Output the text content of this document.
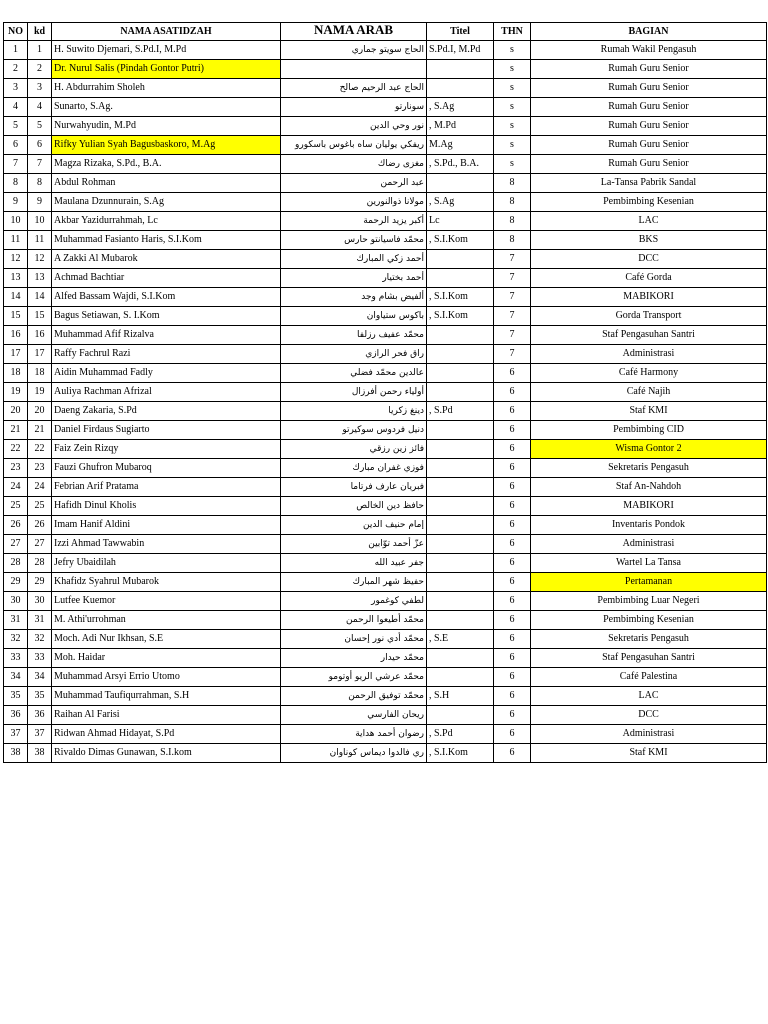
NO	kd	NAMA ASATIDZAH	NAMA ARAB	Titel	THN	BAGIAN
1	1	H. Suwito Djemari, S.Pd.I, M.Pd	الحاج سويتو جماري	S.Pd.I, M.Pd	s	Rumah Wakil Pengasuh
2	2	Dr. Nurul Salis (Pindah Gontor Putri)			s	Rumah Guru Senior
3	3	H. Abdurrahim Sholeh	الحاج عبد الرحيم صالح		s	Rumah Guru Senior
4	4	Sunarto, S.Ag.	سونارتو	, S.Ag	s	Rumah Guru Senior
5	5	Nurwahyudin, M.Pd	نور وحي الدين	, M.Pd	s	Rumah Guru Senior
6	6	Rifky Yulian Syah Bagusbaskoro, M.Ag	ريفكي يوليان ساه باغوس باسكورو	M.Ag	s	Rumah Guru Senior
7	7	Magza Rizaka, S.Pd., B.A.	مغزى رضاك	, S.Pd., B.A.	s	Rumah Guru Senior
8	8	Abdul Rohman	عبد الرحمن		8	La-Tansa Pabrik Sandal
9	9	Maulana Dzunnurain, S.Ag	مولانا ذوالنورين	, S.Ag	8	Pembimbing Kesenian
10	10	Akbar Yazidurrahmah, Lc	أكبر يزيد الرحمة	Lc	8	LAC
11	11	Muhammad Fasianto Haris, S.I.Kom	محمّد فاسيانتو حارس	, S.I.Kom	8	BKS
12	12	A Zakki Al Mubarok	أحمد زكي المبارك		7	DCC
13	13	Achmad Bachtiar	أحمد بختيار		7	Café Gorda
14	14	Alfed Bassam Wajdi, S.I.Kom	ألفيض بشام وجد	, S.I.Kom	7	MABIKORI
15	15	Bagus Setiawan, S. I.Kom	باكوس ستياوان	, S.I.Kom	7	Gorda Transport
16	16	Muhammad Afif Rizalva	محمّد عفيف رزلفا		7	Staf Pengasuhan Santri
17	17	Raffy Fachrul Razi	راق فحر الرازي		7	Administrasi
18	18	Aidin Muhammad Fadly	عالدين محمّد فضلي		6	Café Harmony
19	19	Auliya Rachman Afrizal	أولياء رحمن أفرزال		6	Café Najih
20	20	Daeng Zakaria, S.Pd	دينغ زكريا	, S.Pd	6	Staf KMI
21	21	Daniel Firdaus Sugiarto	دنيل فردوس سوكيرتو		6	Pembimbing CID
22	22	Faiz Zein Rizqy	فائز زين رزقي		6	Wisma Gontor 2
23	23	Fauzi Ghufron Mubaroq	فوزي غفران مبارك		6	Sekretaris Pengasuh
24	24	Febrian Arif Pratama	فبريان عارف فرتاما		6	Staf An-Nahdoh
25	25	Hafidh Dinul Kholis	حافظ دين الخالص		6	MABIKORI
26	26	Imam Hanif Aldini	إمام حنيف الدين		6	Inventaris Pondok
27	27	Izzi Ahmad Tawwabin	عزّ أحمد توّابين		6	Administrasi
28	28	Jefry Ubaidilah	جفر عبيد الله		6	Wartel La Tansa
29	29	Khafidz Syahrul Mubarok	حفيظ شهر المبارك		6	Pertamanan
30	30	Lutfee Kuemor	لطفي كوغمور		6	Pembimbing Luar Negeri
31	31	M. Athi'urrohman	محمّد أطيعوا الرحمن		6	Pembimbing Kesenian
32	32	Moch. Adi Nur Ikhsan, S.E	محمّد أدي نور إحسان	, S.E	6	Sekretaris Pengasuh
33	33	Moh. Haidar	محمّد حيدار		6	Staf Pengasuhan Santri
34	34	Muhammad Arsyi Errio Utomo	محمّد عرشي الريو أوتومو		6	Café Palestina
35	35	Muhammad Taufiqurrahman, S.H	محمّد توفيق الرحمن	, S.H	6	LAC
36	36	Raihan Al Farisi	ريحان الفارسي		6	DCC
37	37	Ridwan Ahmad Hidayat, S.Pd	رضوان أحمد هداية	, S.Pd	6	Administrasi
38	38	Rivaldo Dimas Gunawan, S.I.kom	ري فالدوا ديماس كوناوان	, S.I.Kom	6	Staf KMI
